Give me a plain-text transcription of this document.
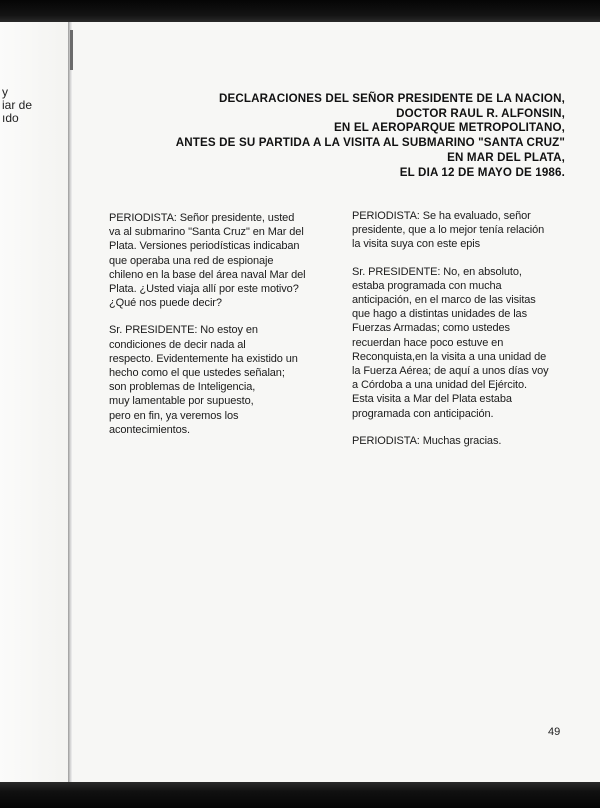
y
iar de
ıdo
DECLARACIONES DEL SEÑOR PRESIDENTE DE LA NACION,
DOCTOR RAUL R. ALFONSIN,
EN EL AEROPARQUE METROPOLITANO,
ANTES DE SU PARTIDA A LA VISITA AL SUBMARINO "SANTA CRUZ"
EN MAR DEL PLATA,
EL DIA 12 DE MAYO DE 1986.

PERIODISTA: Señor presidente, usted
va al submarino "Santa Cruz" en Mar del
Plata. Versiones periodísticas indicaban
que operaba una red de espionaje
chileno en la base del área naval Mar del
Plata. ¿Usted viaja allí por este motivo?
¿Qué nos puede decir?

Sr. PRESIDENTE: No estoy en
condiciones de decir nada al
respecto. Evidentemente ha existido un
hecho como el que ustedes señalan;
son problemas de Inteligencia,
muy lamentable por supuesto,
pero en fin, ya veremos los
acontecimientos.

PERIODISTA: Se ha evaluado, señor
presidente, que a lo mejor tenía relación
la visita suya con este epis

Sr. PRESIDENTE: No, en absoluto,
estaba programada con mucha
anticipación, en el marco de las visitas
que hago a distintas unidades de las
Fuerzas Armadas; como ustedes
recuerdan hace poco estuve en
Reconquista,en la visita a una unidad de
la Fuerza Aérea; de aquí a unos días voy
a Córdoba a una unidad del Ejército.
Esta visita a Mar del Plata estaba
programada con anticipación.

PERIODISTA: Muchas gracias.

49
